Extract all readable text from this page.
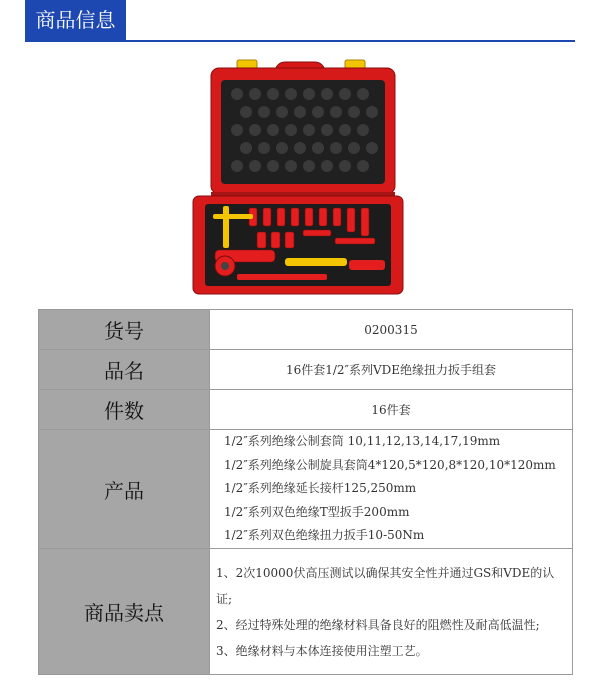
商品信息
货号	0200315
品名	16件套1/2″系列VDE绝缘扭力扳手组套
件数	16件套
产品	1/2″系列绝缘公制套筒 10,11,12,13,14,17,19mm
1/2″系列绝缘公制旋具套筒4*120,5*120,8*120,10*120mm
1/2″系列绝缘延长接杆125,250mm
1/2″系列双色绝缘T型扳手200mm
1/2″系列双色绝缘扭力扳手10-50Nm

商品卖点	1、2次10000伏高压测试以确保其安全性并通过GS和VDE的认证;
2、经过特殊处理的绝缘材料具备良好的阻燃性及耐高低温性;
3、绝缘材料与本体连接使用注塑工艺。
